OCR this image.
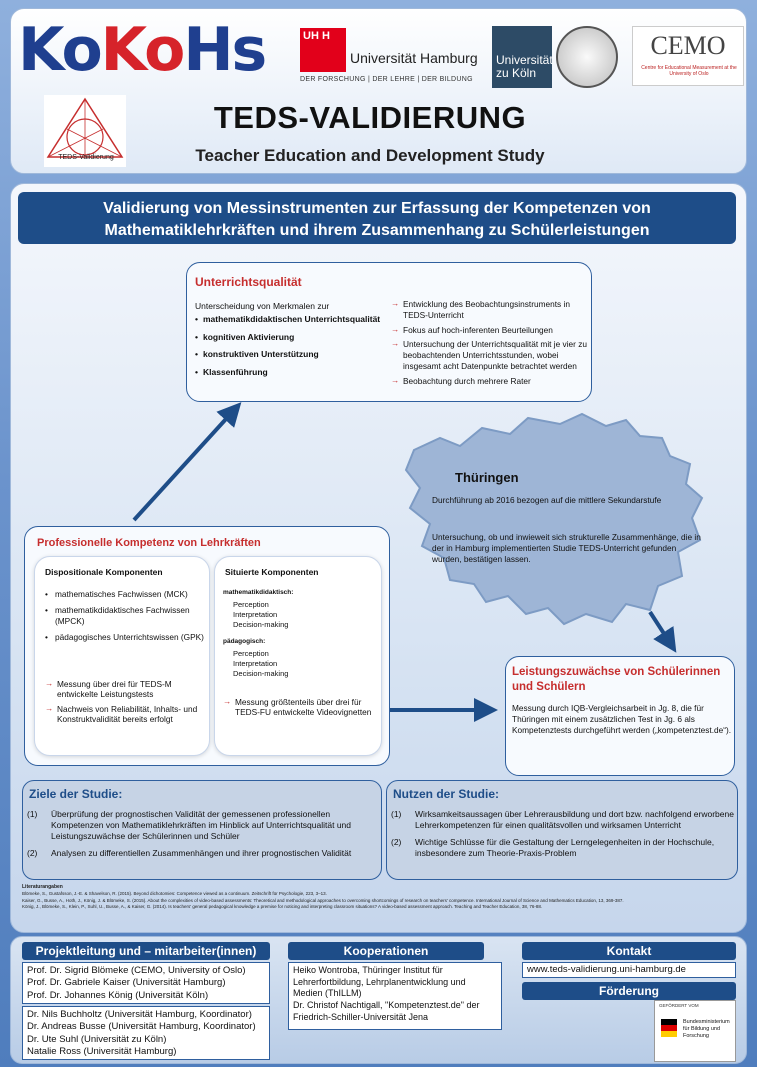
KoKoHs	UH H
Universität Hamburg
DER FORSCHUNG | DER LEHRE | DER BILDUNG
Universität zu Köln
CEMO
Centre for Educational Measurement at the University of Oslo
TEDS-Validierung
TEDS-VALIDIERUNG
Teacher Education and Development Study
Validierung von Messinstrumenten zur Erfassung der Kompetenzen von
Mathematiklehrkräften und ihrem Zusammenhang zu Schülerleistungen
Thüringen
Durchführung ab 2016 bezogen auf die mittlere Sekundarstufe
Untersuchung, ob und inwieweit sich strukturelle Zusammenhänge, die in der in Hamburg implementierten Studie TEDS-Unterricht gefunden wurden, bestätigen lassen.
Unterrichtsqualität
Unterscheidung von Merkmalen zur
• mathematikdidaktischen Unterrichtsqualität
• kognitiven Aktivierung
• konstruktiven Unterstützung
• Klassenführung
→ Entwicklung des Beobachtungsinstruments in TEDS-Unterricht
→ Fokus auf hoch-inferenten Beurteilungen
→ Untersuchung der Unterrichtsqualität mit je vier zu beobachtenden Unterrichtsstunden, wobei insgesamt acht Datenpunkte betrachtet werden
→ Beobachtung durch mehrere Rater
Professionelle Kompetenz von Lehrkräften
Dispositionale Komponenten
• mathematisches Fachwissen (MCK)
• mathematikdidaktisches Fachwissen (MPCK)
• pädagogisches Unterrichtswissen (GPK)
→ Messung über drei für TEDS-M entwickelte Leistungstests
→ Nachweis von Reliabilität, Inhalts- und Konstruktvalidität bereits erfolgt
Situierte Komponenten
mathematikdidaktisch:
Perception
Interpretation
Decision-making
pädagogisch:
Perception
Interpretation
Decision-making
→ Messung größtenteils über drei für TEDS-FU entwickelte Videovignetten
Leistungszuwächse von Schülerinnen und Schülern
Messung durch IQB-Vergleichsarbeit in Jg. 8, die für Thüringen mit einem zusätzlichen Test in Jg. 6 als Kompetenztests durchgeführt werden („kompetenztest.de“).
Ziele der Studie:
(1) Überprüfung der prognostischen Validität der gemessenen professionellen Kompetenzen von Mathematiklehrkräften im Hinblick auf Unterrichtsqualität und Leistungszuwächse der Schülerinnen und Schüler
(2) Analysen zu differentiellen Zusammenhängen und ihrer prognostischen Validität
Nutzen der Studie:
(1) Wirksamkeitsaussagen über Lehrerausbildung und dort bzw. nachfolgend erworbene Lehrerkompetenzen für einen qualitätsvollen und wirksamen Unterricht
(2) Wichtige Schlüsse für die Gestaltung der Lerngelegenheiten in der Hochschule, insbesondere zum Theorie-Praxis-Problem
Literaturangaben
Blömeke, S., Gustafsson, J.-E. & Shavelson, R. (2015). Beyond dichotomies: Competence viewed as a continuum. Zeitschrift für Psychologie, 223, 3–13.
Kaiser, G., Busse, A., Hoth, J., König, J. & Blömeke, S. (2015). About the complexities of video-based assessments: Theoretical and methodological approaches to overcoming shortcomings of research on teachers' competence. International Journal of Science and Mathematics Education, 13, 369-387.
König, J., Blömeke, S., Klein, P., Suhl, U., Busse, A., & Kaiser, G. (2014). Is teachers' general pedagogical knowledge a premise for noticing and interpreting classroom situations? A video-based assessment approach. Teaching and Teacher Education, 38, 76-88.
Projektleitung und – mitarbeiter(innen)
Prof. Dr. Sigrid Blömeke (CEMO, University of Oslo)
Prof. Dr. Gabriele Kaiser (Universität Hamburg)
Prof. Dr. Johannes König (Universität Köln)
Dr. Nils Buchholtz (Universität Hamburg, Koordinator)
Dr. Andreas Busse (Universität Hamburg, Koordinator)
Dr. Ute Suhl (Universität zu Köln)
Natalie Ross (Universität Hamburg)
Kooperationen
Heiko Wontroba, Thüringer Institut für Lehrerfortbildung, Lehrplanentwicklung und Medien (ThILLM)
Dr. Christof Nachtigall, "Kompetenztest.de" der Friedrich-Schiller-Universität Jena
Kontakt
www.teds-validierung.uni-hamburg.de
Förderung
GEFÖRDERT VOM
Bundesministerium für Bildung und Forschung
